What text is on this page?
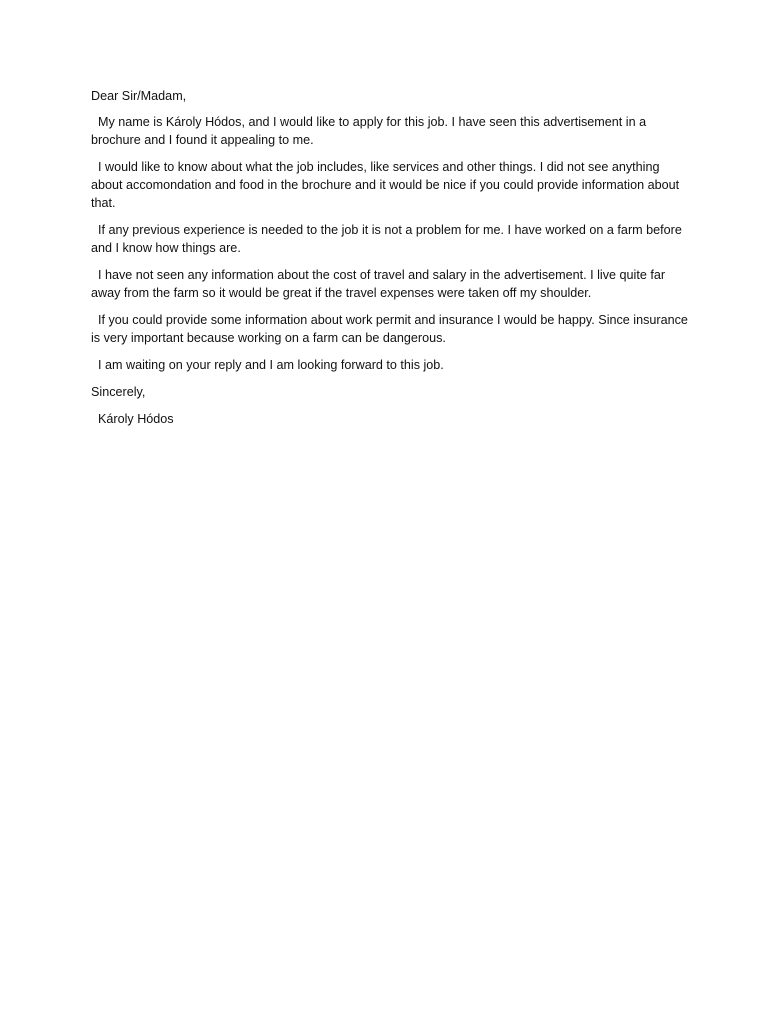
Dear Sir/Madam,

My name is Károly Hódos, and I would like to apply for this job. I have seen this advertisement in a brochure and I found it appealing to me.

I would like to know about what the job includes, like services and other things. I did not see anything about accomondation and food in the brochure and it would be nice if you could provide information about that.

If any previous experience is needed to the job it is not a problem for me. I have worked on a farm before and I know how things are.

I have not seen any information about the cost of travel and salary in the advertisement. I live quite far away from the farm so it would be great if the travel expenses were taken off my shoulder.

If you could provide some information about work permit and insurance I would be happy. Since insurance is very important because working on a farm can be dangerous.

I am waiting on your reply and I am looking forward to this job.

Sincerely,

Károly Hódos
